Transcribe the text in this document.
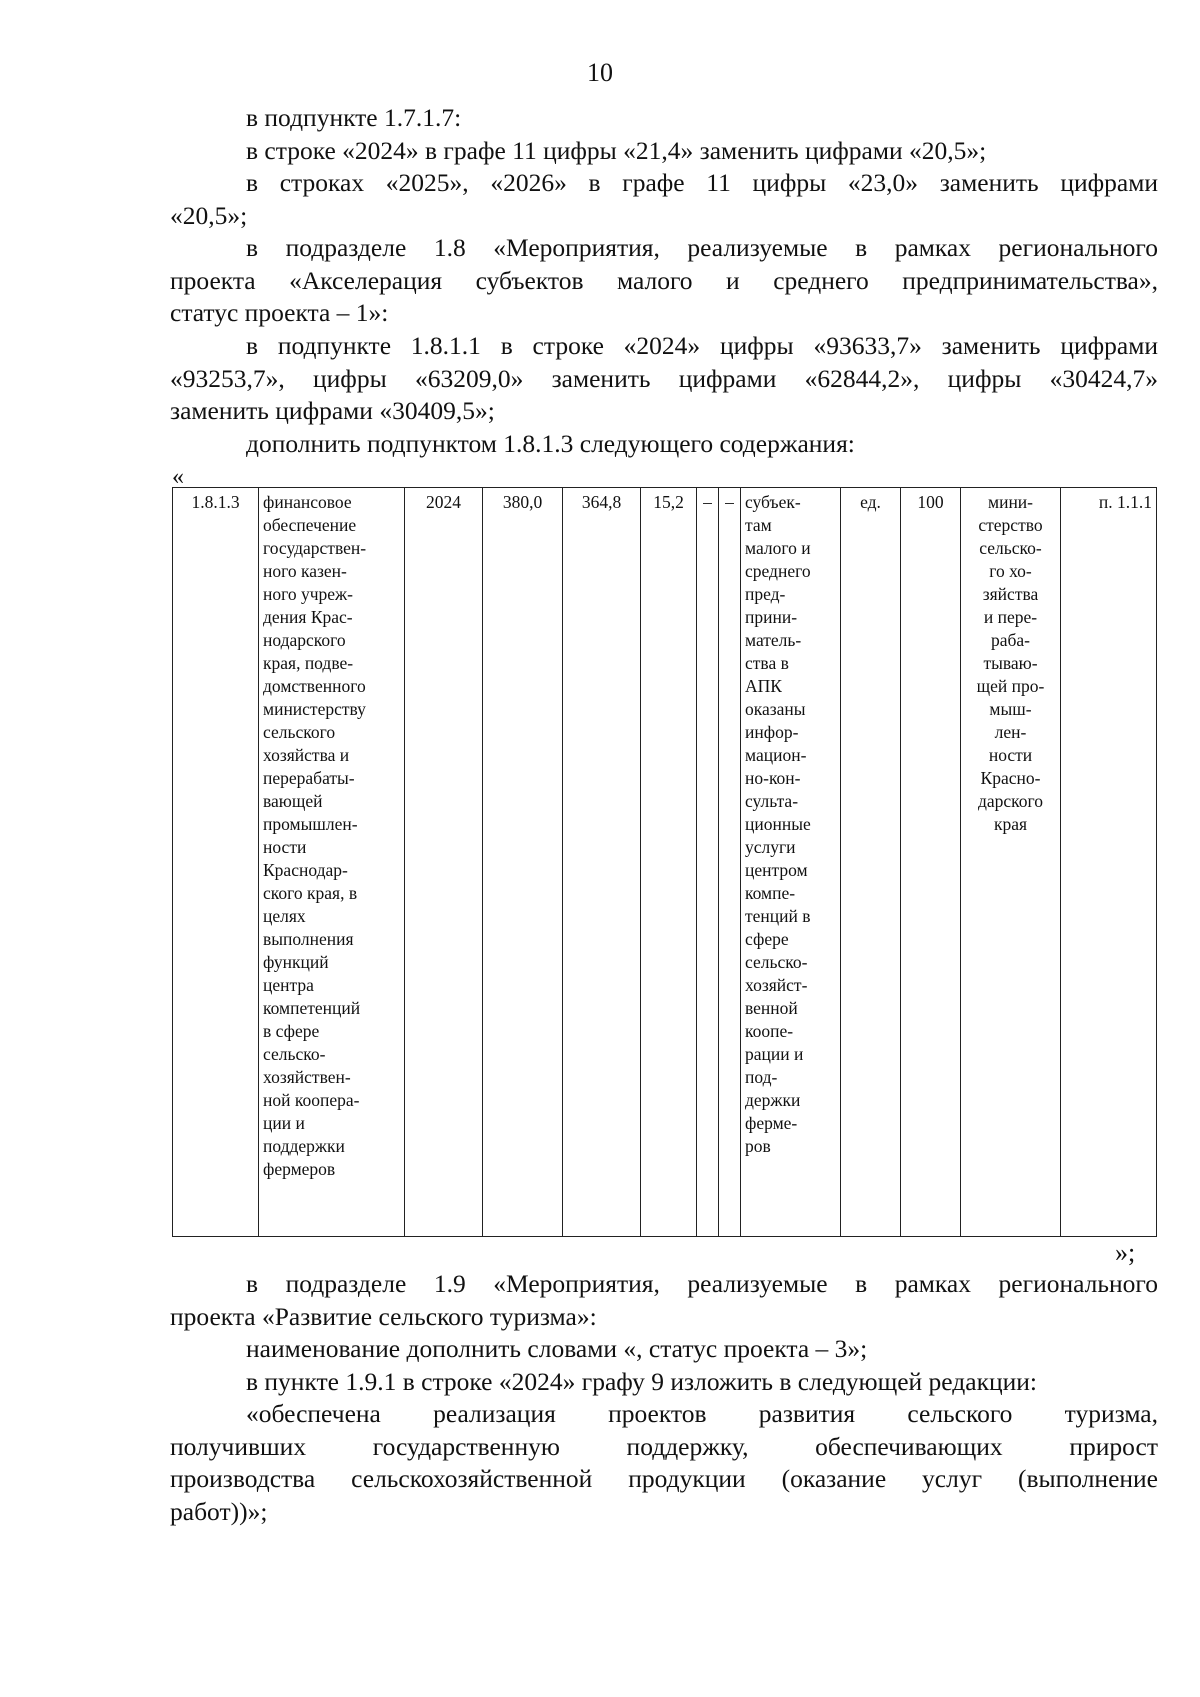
10

в подпункте 1.7.1.7:

в строке «2024» в графе 11 цифры «21,4» заменить цифрами «20,5»;

в строках «2025», «2026» в графе 11 цифры «23,0» заменить цифрами
«20,5»;
в подразделе 1.8 «Мероприятия, реализуемые в рамках регионального
проекта «Акселерация субъектов малого и среднего предпринимательства»,
статус проекта – 1»:
в подпункте 1.8.1.1 в строке «2024» цифры «93633,7» заменить цифрами
«93253,7», цифры «63209,0» заменить цифрами «62844,2», цифры «30424,7»
заменить цифрами «30409,5»;

дополнить подпунктом 1.8.1.3 следующего содержания:

«
1.8.1.3	финансовое
обеспечение
государствен-
ного казен-
ного учреж-
дения Крас-
нодарского
края, подве-
домственного
министерству
сельского
хозяйства и
перерабаты-
вающей
промышлен-
ности
Краснодар-
ского края, в
целях
выполнения
функций
центра
компетенций
в сфере
сельско-
хозяйствен-
ной коопера-
ции и
поддержки
фермеров	2024	380,0	364,8	15,2	–	–	субъек-
там
малого и
среднего
пред-
прини-
матель-
ства в
АПК
оказаны
инфор-
мацион-
но-кон-
сульта-
ционные
услуги
центром
компе-
тенций в
сфере
сельско-
хозяйст-
венной
коопе-
рации и
под-
держки
фермe-
ров	ед.	100	мини-
стерство
сельско-
го хо-
зяйства
и пере-
раба-
тываю-
щей про-
мыш-
лен-
ности
Красно-
дарского
края	п. 1.1.1
»;
в подразделе 1.9 «Мероприятия, реализуемые в рамках регионального
проекта «Развитие сельского туризма»:

наименование дополнить словами «, статус проекта – 3»;

в пункте 1.9.1 в строке «2024» графу 9 изложить в следующей редакции:

«обеспечена реализация проектов развития сельского туризма,
получивших государственную поддержку, обеспечивающих прирост
производства сельскохозяйственной продукции (оказание услуг (выполнение
работ))»;
